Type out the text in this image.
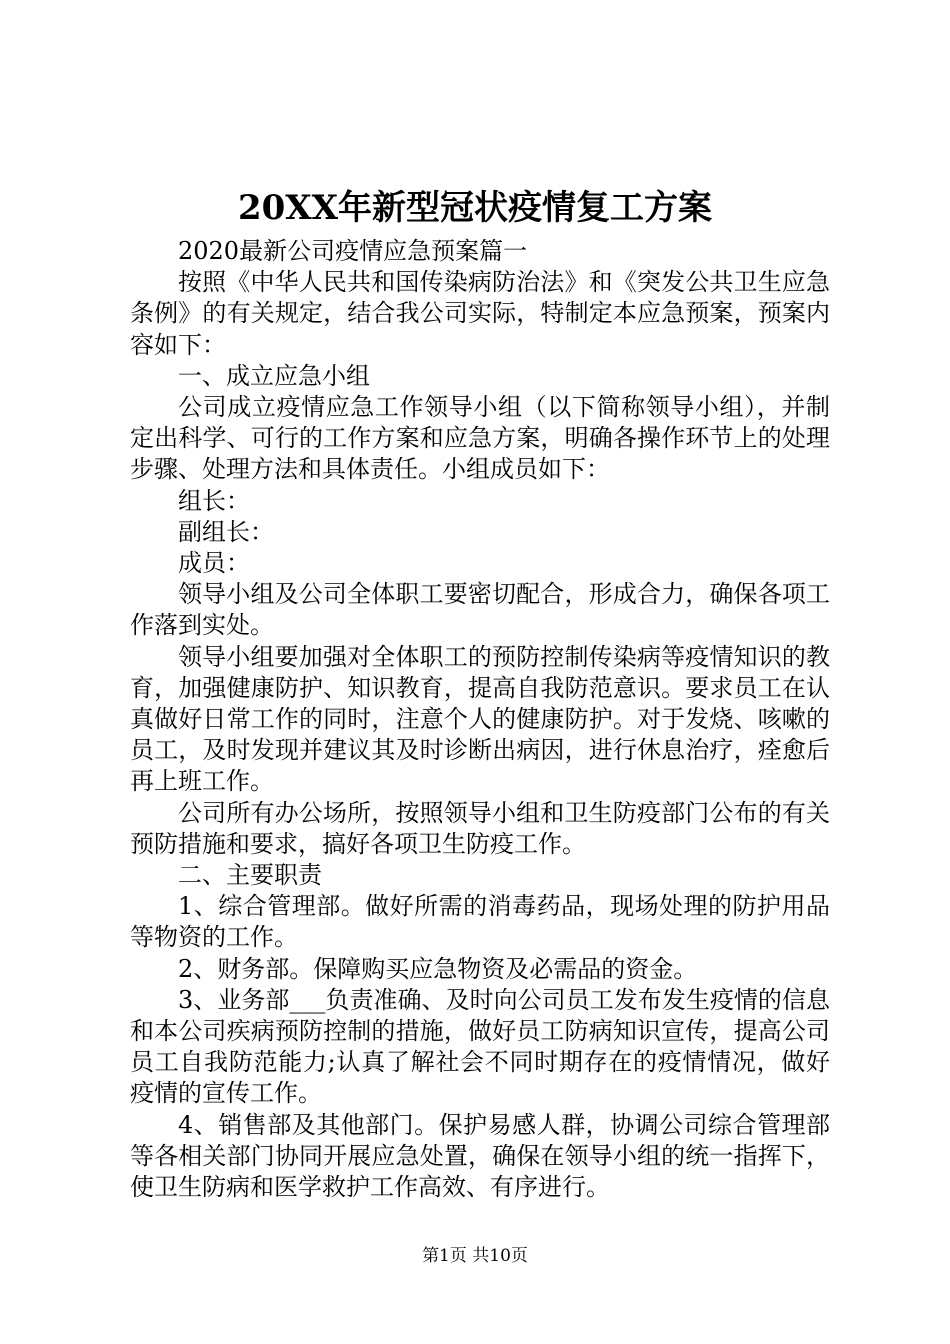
20XX年新型冠状疫情复工方案

2020最新公司疫情应急预案篇一

按照《中华人民共和国传染病防治法》和《突发公共卫生应急条例》的有关规定，结合我公司实际，特制定本应急预案，预案内容如下：

一、成立应急小组

公司成立疫情应急工作领导小组（以下简称领导小组），并制定出科学、可行的工作方案和应急方案，明确各操作环节上的处理步骤、处理方法和具体责任。小组成员如下：

组长：

副组长：

成员：

领导小组及公司全体职工要密切配合，形成合力，确保各项工作落到实处。

领导小组要加强对全体职工的预防控制传染病等疫情知识的教育，加强健康防护、知识教育，提高自我防范意识。要求员工在认真做好日常工作的同时，注意个人的健康防护。对于发烧、咳嗽的员工，及时发现并建议其及时诊断出病因，进行休息治疗，痊愈后再上班工作。

公司所有办公场所，按照领导小组和卫生防疫部门公布的有关预防措施和要求，搞好各项卫生防疫工作。

二、主要职责

1、综合管理部。做好所需的消毒药品，现场处理的防护用品等物资的工作。

2、财务部。保障购买应急物资及必需品的资金。

3、业务部___负责准确、及时向公司员工发布发生疫情的信息和本公司疾病预防控制的措施，做好员工防病知识宣传，提高公司员工自我防范能力;认真了解社会不同时期存在的疫情情况，做好疫情的宣传工作。

4、销售部及其他部门。保护易感人群，协调公司综合管理部等各相关部门协同开展应急处置，确保在领导小组的统一指挥下，使卫生防病和医学救护工作高效、有序进行。

第1页 共10页
